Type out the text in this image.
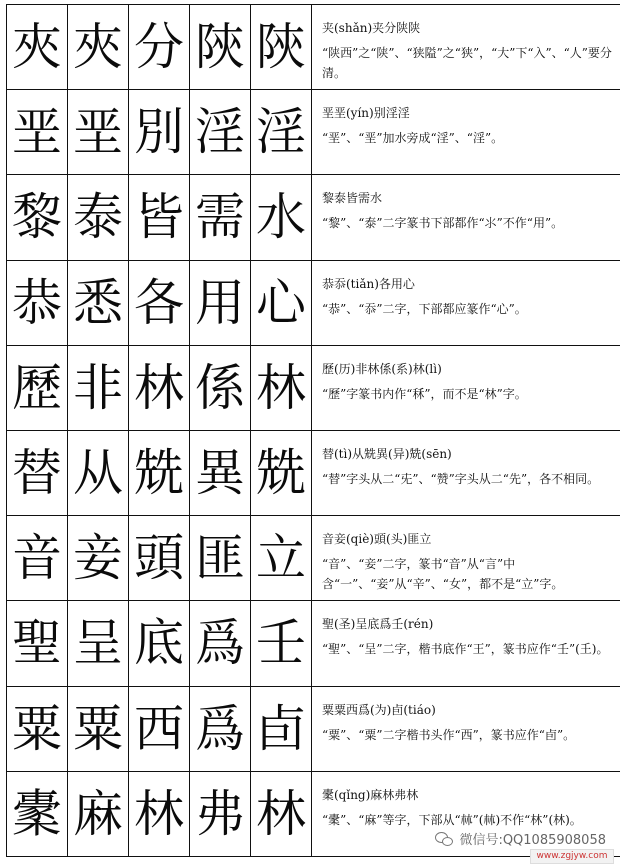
夾	夾	分	陝	陝	夹(shǎn)夹分陕陕
“陕西”之“陕”、“狭隘”之“狭”，“大”下“入”、“人”要分清。

垩	垩	別	淫	淫	垩垩(yín)别淫淫
“垩”、“垩”加水旁成“淫”、“淫”。

黎	泰	皆	需	水	黎泰皆需水
“黎”、“泰”二字篆书下部都作“⺢”不作“用”。

恭	悉	各	用	心	恭忝(tiǎn)各用心
“恭”、“忝”二字，下部都应篆作“心”。

歷	非	林	係	林	歷(历)非林係(系)林(lì)
“歷”字篆书内作“秝”，而不是“林”字。

替	从	兟	異	兟	替(tì)从兟異(异)兟(sēn)
“替”字头从二“兂”、“赞”字头从二“先”，各不相同。

音	妾	頭	匪	立	音妾(qiè)頭(头)匪立
“音”、“妾”二字，篆书“音”从“言”中含“一”、“妾”从“辛”、“女”，都不是“立”字。

聖	呈	底	爲	壬	聖(圣)呈底爲壬(rén)
“聖”、“呈”二字，楷书底作“王”，篆书应作“壬”(𡈼)。

粟	粟	西	爲	卣	粟粟西爲(为)卣(tiáo)
“粟”、“粟”二字楷书头作“西”，篆书应作“卣”。

㯻	麻	林	弗	林	㯻(qǐng)麻林弗林
“㯻”、“麻”等字，下部从“𣏟”(𣏟)不作“林”(林)。
微信号:QQ1085908058
www.zgjyw.com
